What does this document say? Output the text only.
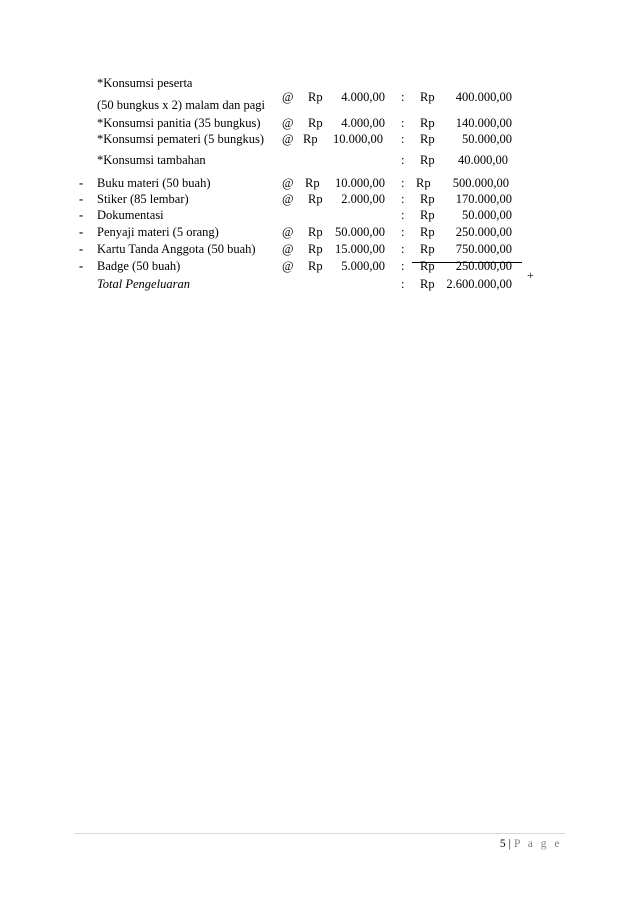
*Konsumsi peserta
(50 bungkus x 2) malam dan pagi
@ Rp 4.000,00 : Rp 400.000,00
*Konsumsi panitia (35 bungkus) @ Rp 4.000,00 : Rp 140.000,00
*Konsumsi pemateri (5 bungkus) @ Rp 10.000,00 : Rp 50.000,00
*Konsumsi tambahan	: Rp 40.000,00
- Buku materi (50 buah)	@ Rp 10.000,00 : Rp 500.000,00
- Stiker (85 lembar)	@ Rp 2.000,00 : Rp 170.000,00
- Dokumentasi	: Rp 50.000,00
- Penyaji materi (5 orang)	@ Rp 50.000,00 : Rp 250.000,00
- Kartu Tanda Anggota (50 buah) @ Rp 15.000,00 : Rp 750.000,00
- Badge (50 buah)	@ Rp 5.000,00 : Rp 250.000,00
+
Total Pengeluaran	: Rp 2.600.000,00
5 | P a g e
